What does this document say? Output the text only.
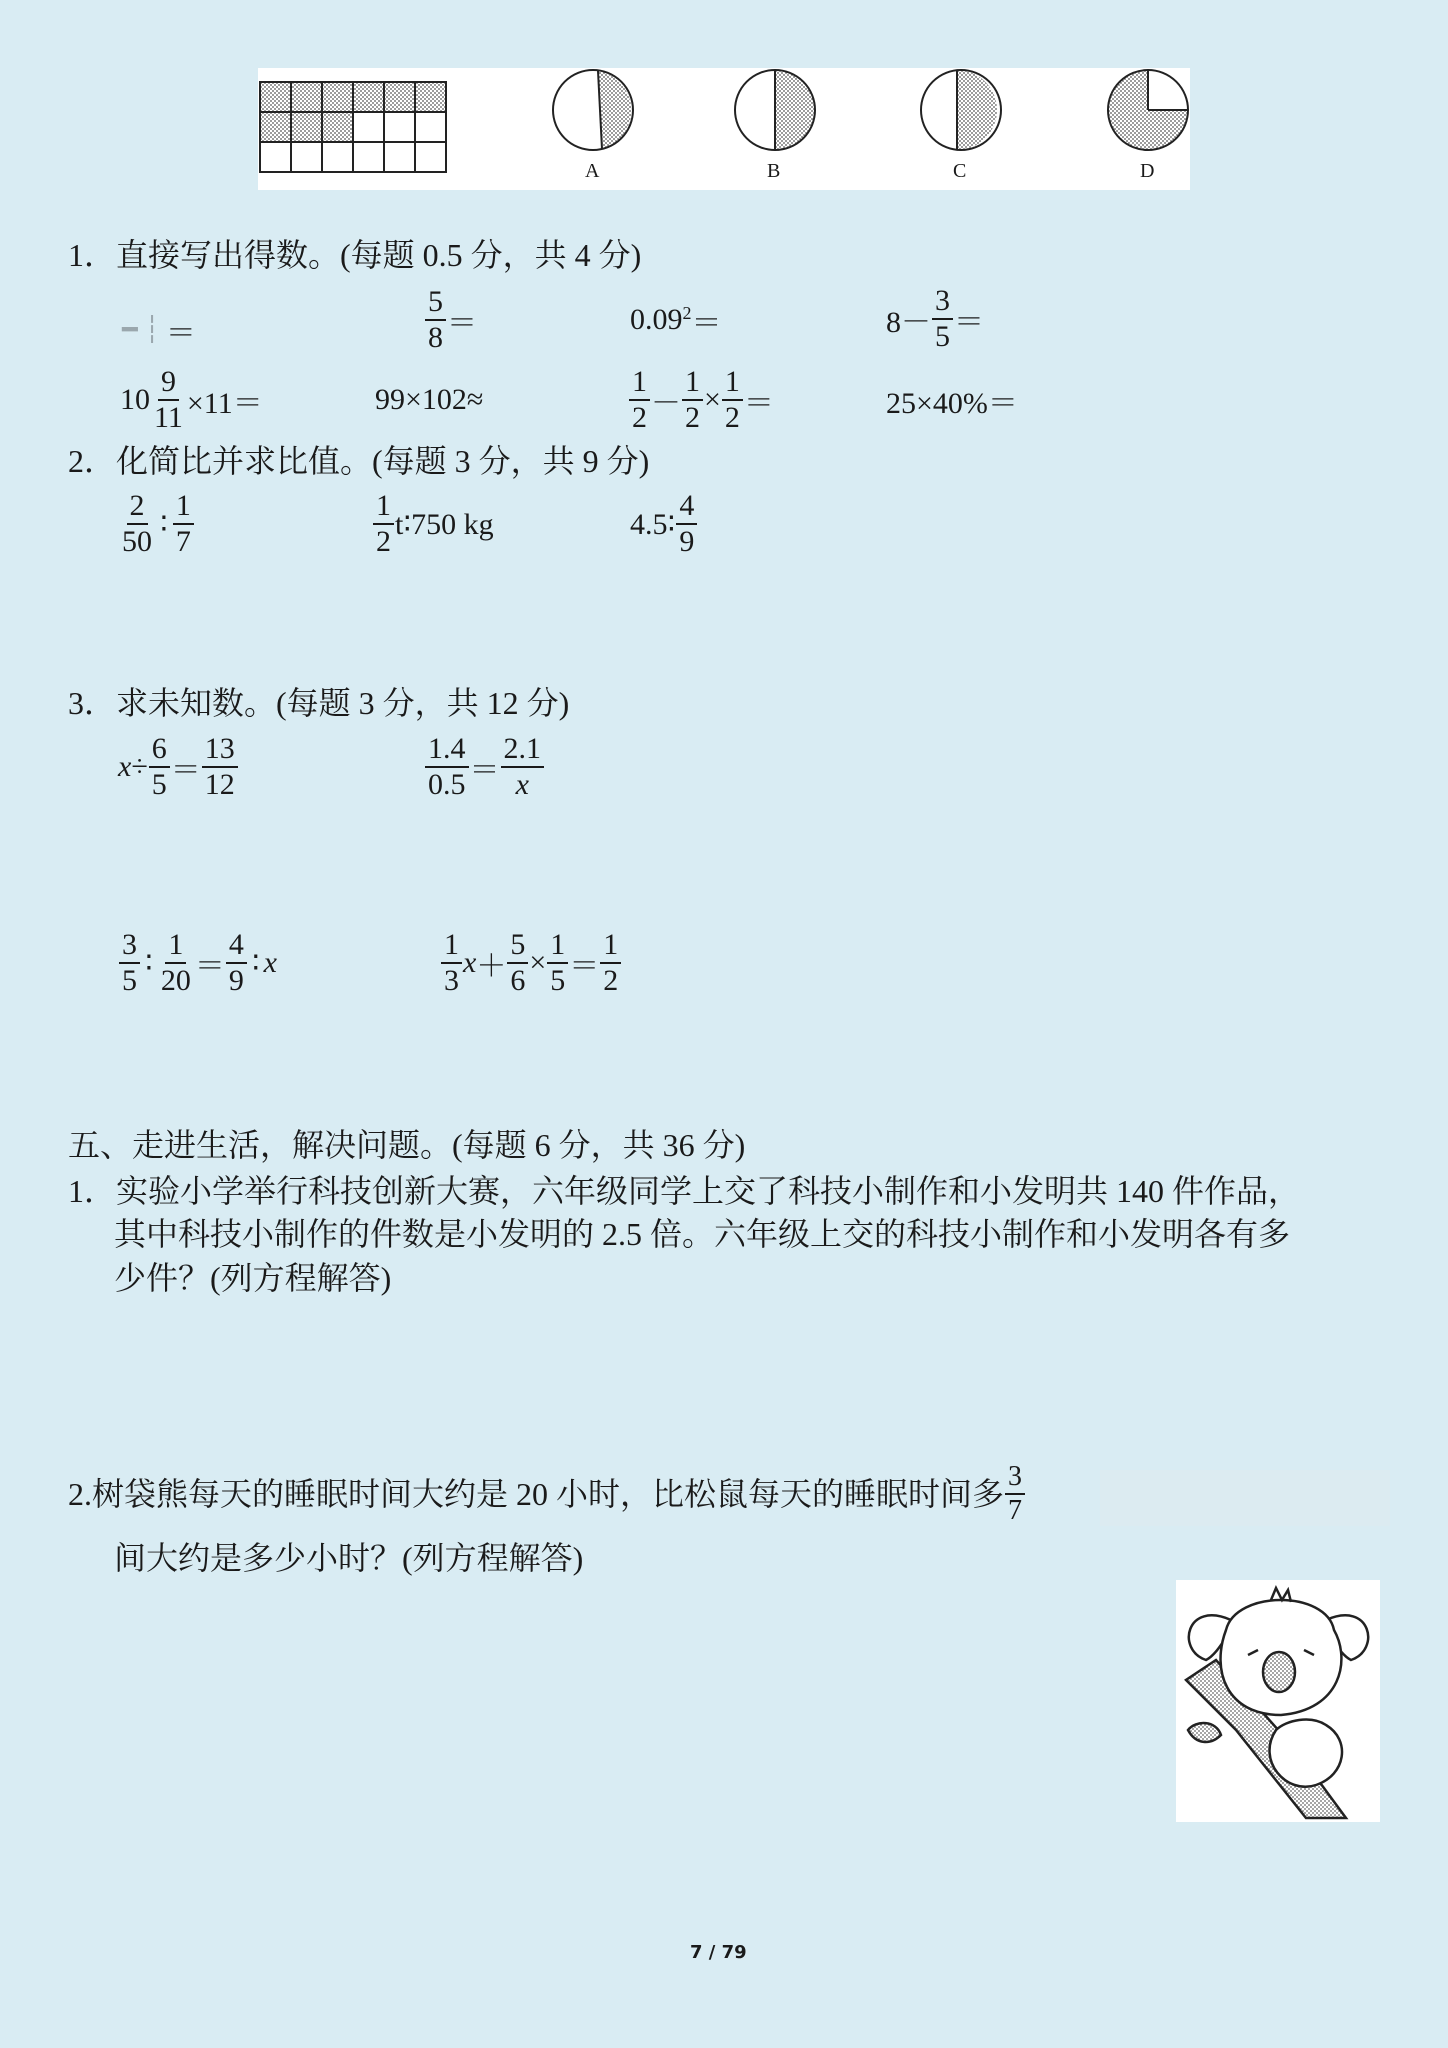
A	B	C	D
1．直接写出得数。(每题 0.5 分，共 4 分)
━ ┆ ＝	$\frac{5}{8}$ ＝	$0.09^2$ ＝	$8- \frac{3}{5}$ ＝
$10 \frac{9}{11} \times 11=$	99×102≈	$\frac{1}{2} - \frac{1}{2} \times \frac{1}{2}$ ＝	25×40%＝
2．化简比并求比值。(每题 3 分，共 9 分)
$\frac{2}{50}$ ∶ $\frac{1}{7}$	$\frac{1}{2}$ t∶750 kg	4.5∶ $\frac{4}{9}$
3．求未知数。(每题 3 分，共 12 分)
$x \div \frac{6}{5} = \frac{13}{12}$	$\frac{1.4}{0.5} = \frac{2.1}{x}$
$\frac{3}{5}$ ∶ $\frac{1}{20} = \frac{4}{9}$ ∶ x	$\frac{1}{3}$ $x + \frac{5}{6} \times \frac{1}{5} = \frac{1}{2}$
五、走进生活，解决问题。(每题 6 分，共 36 分)
1．实验小学举行科技创新大赛，六年级同学上交了科技小制作和小发明共 140 件作品，
其中科技小制作的件数是小发明的 2.5 倍。六年级上交的科技小制作和小发明各有多
少件？(列方程解答)
2.树袋熊每天的睡眠时间大约是 20 小时，比松鼠每天的睡眠时间多 $\frac{3}{7}$
间大约是多少小时？(列方程解答)
7 / 79
